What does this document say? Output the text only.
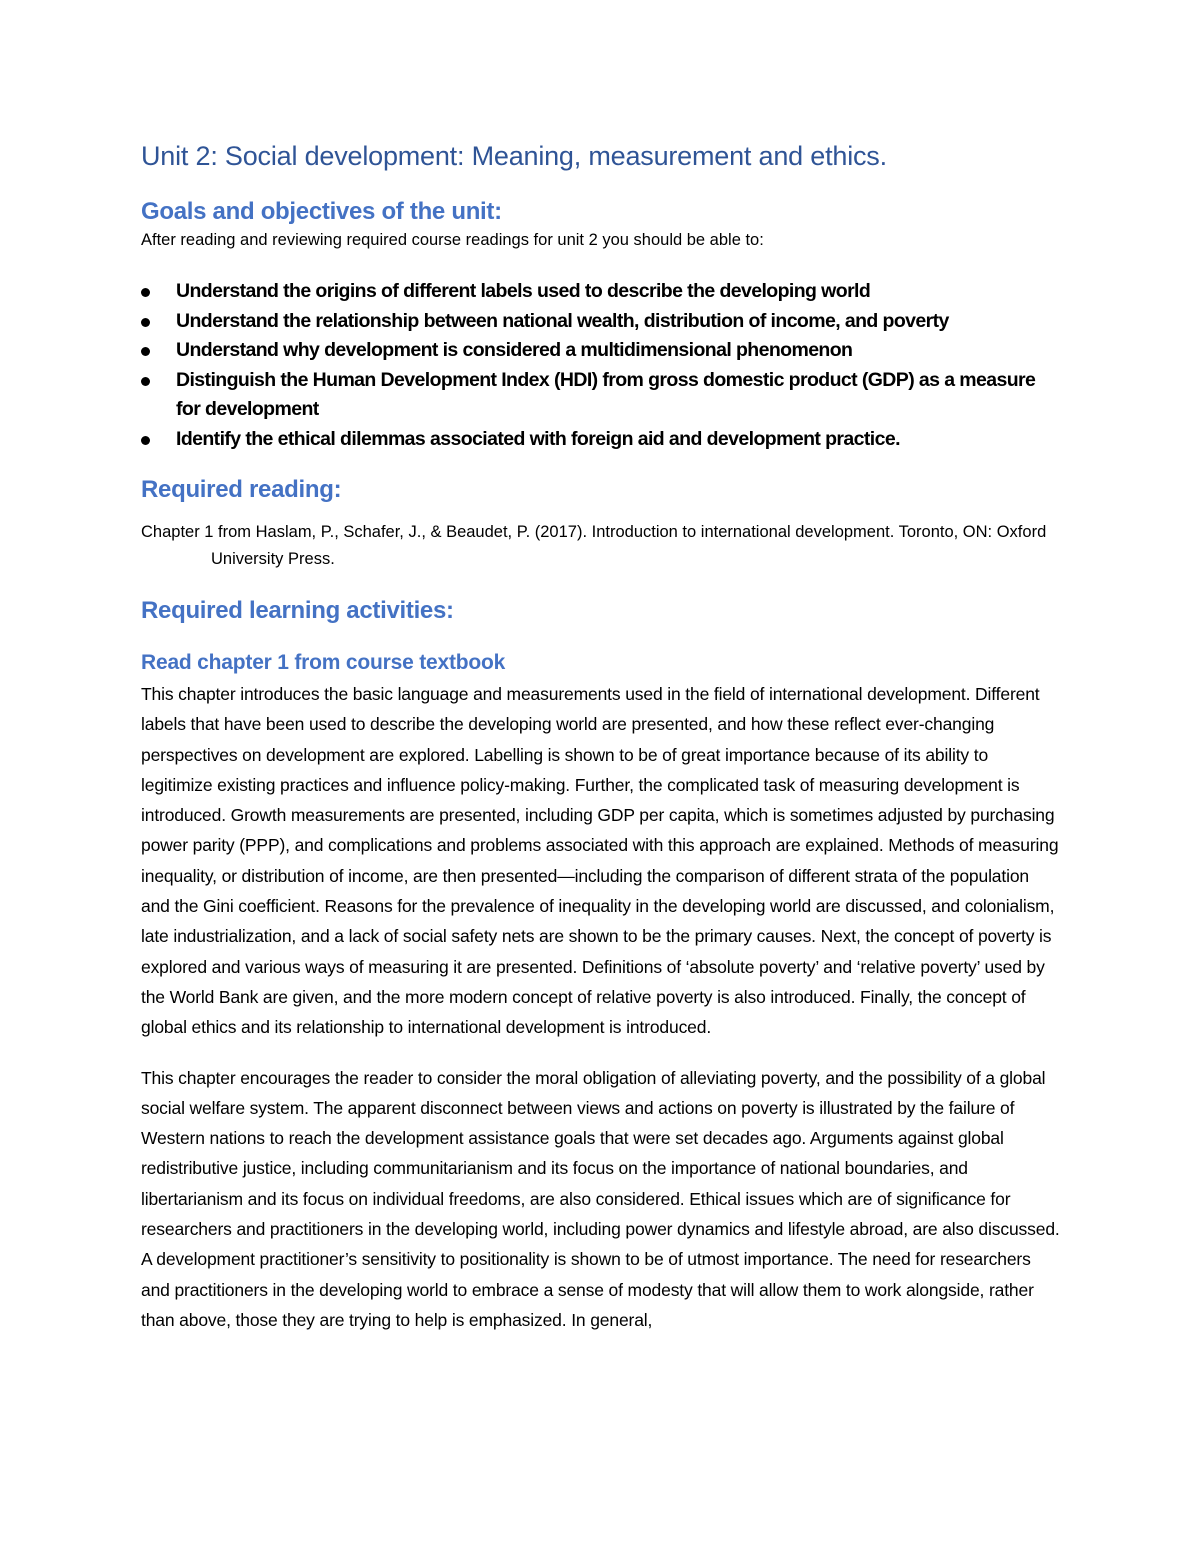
Unit 2: Social development: Meaning, measurement and ethics.
Goals and objectives of the unit:

After reading and reviewing required course readings for unit 2 you should be able to:

Understand the origins of different labels used to describe the developing world
Understand the relationship between national wealth, distribution of income, and poverty
Understand why development is considered a multidimensional phenomenon
Distinguish the Human Development Index (HDI) from gross domestic product (GDP) as a measure for development
Identify the ethical dilemmas associated with foreign aid and development practice.
Required reading:

Chapter 1 from Haslam, P., Schafer, J., & Beaudet, P. (2017). Introduction to international development. Toronto, ON: Oxford University Press.

Required learning activities:
Read chapter 1 from course textbook

This chapter introduces the basic language and measurements used in the field of international development. Different labels that have been used to describe the developing world are presented, and how these reflect ever-changing perspectives on development are explored. Labelling is shown to be of great importance because of its ability to legitimize existing practices and influence policy-making. Further, the complicated task of measuring development is introduced. Growth measurements are presented, including GDP per capita, which is sometimes adjusted by purchasing power parity (PPP), and complications and problems associated with this approach are explained. Methods of measuring inequality, or distribution of income, are then presented—including the comparison of different strata of the population and the Gini coefficient. Reasons for the prevalence of inequality in the developing world are discussed, and colonialism, late industrialization, and a lack of social safety nets are shown to be the primary causes. Next, the concept of poverty is explored and various ways of measuring it are presented. Definitions of ‘absolute poverty’ and ‘relative poverty’ used by the World Bank are given, and the more modern concept of relative poverty is also introduced. Finally, the concept of global ethics and its relationship to international development is introduced.

This chapter encourages the reader to consider the moral obligation of alleviating poverty, and the possibility of a global social welfare system. The apparent disconnect between views and actions on poverty is illustrated by the failure of Western nations to reach the development assistance goals that were set decades ago. Arguments against global redistributive justice, including communitarianism and its focus on the importance of national boundaries, and libertarianism and its focus on individual freedoms, are also considered. Ethical issues which are of significance for researchers and practitioners in the developing world, including power dynamics and lifestyle abroad, are also discussed. A development practitioner’s sensitivity to positionality is shown to be of utmost importance. The need for researchers and practitioners in the developing world to embrace a sense of modesty that will allow them to work alongside, rather than above, those they are trying to help is emphasized. In general,
